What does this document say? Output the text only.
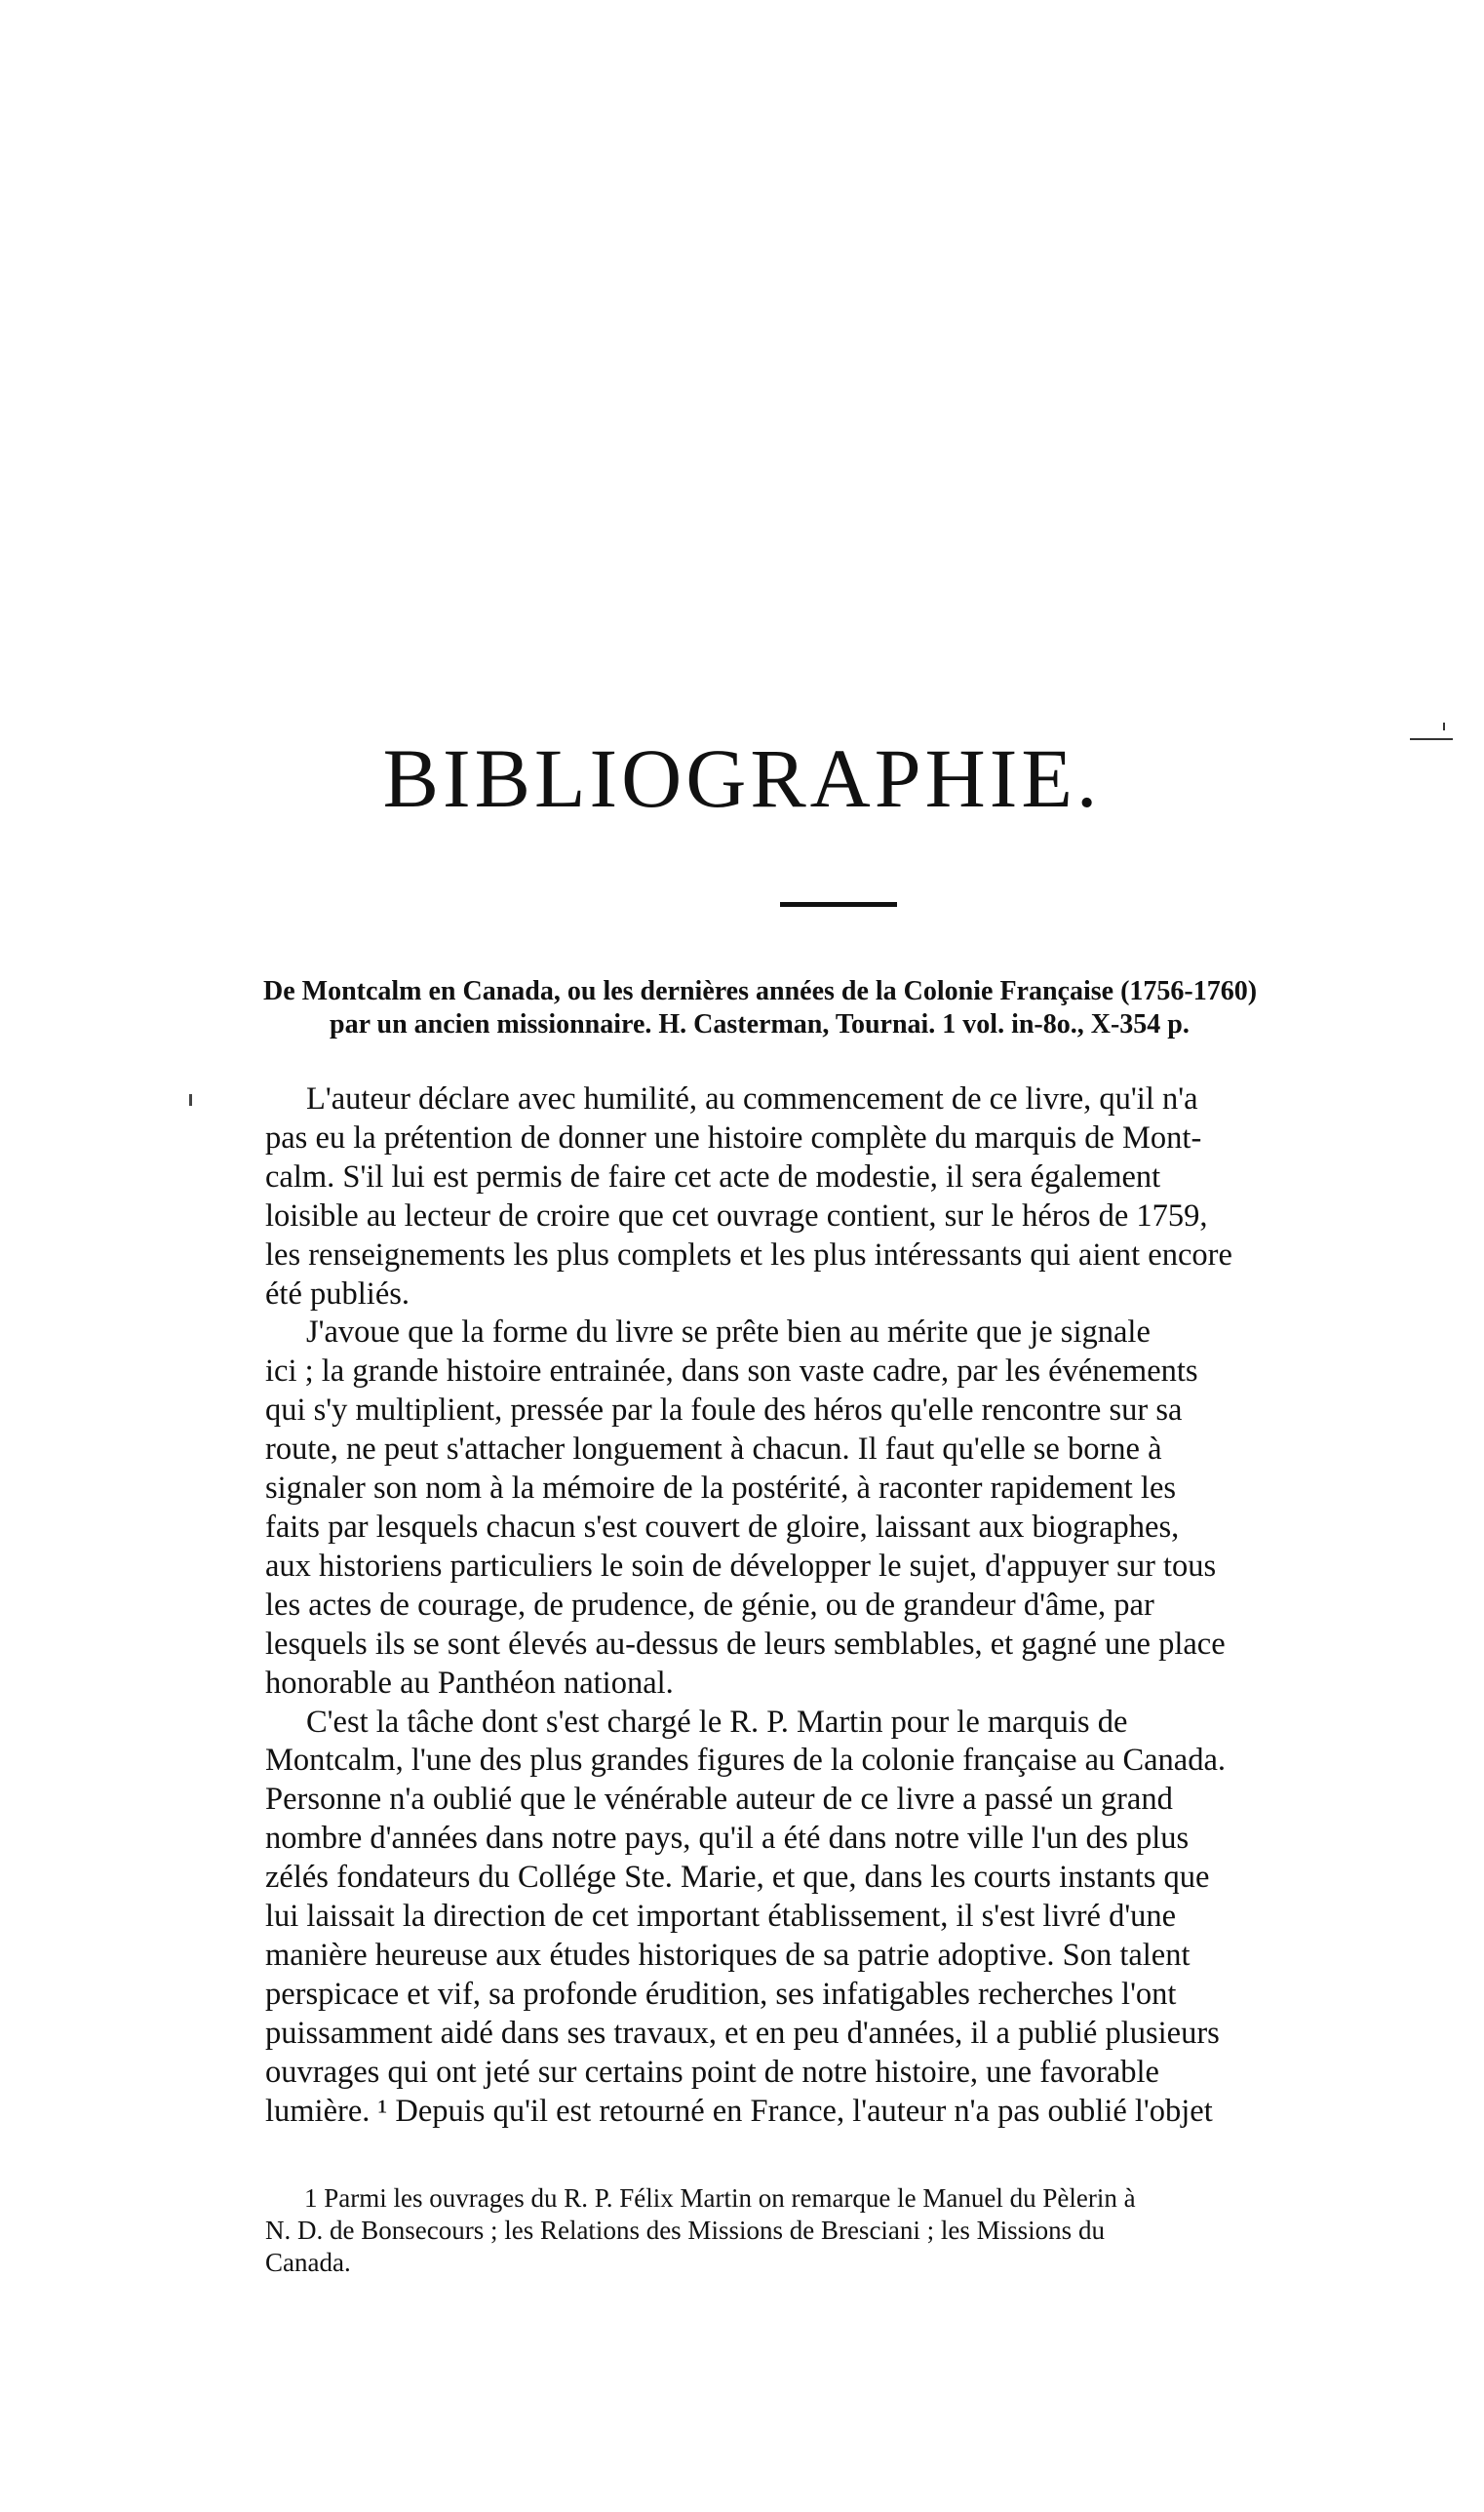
BIBLIOGRAPHIE.

De Montcalm en Canada, ou les dernières années de la Colonie Française (1756-1760)
par un ancien missionnaire. H. Casterman, Tournai. 1 vol. in-8o., X-354 p.

L'auteur déclare avec humilité, au commencement de ce livre, qu'il n'a
pas eu la prétention de donner une histoire complète du marquis de Mont-
calm. S'il lui est permis de faire cet acte de modestie, il sera également
loisible au lecteur de croire que cet ouvrage contient, sur le héros de 1759,
les renseignements les plus complets et les plus intéressants qui aient encore
été publiés.
J'avoue que la forme du livre se prête bien au mérite que je signale
ici ; la grande histoire entrainée, dans son vaste cadre, par les événements
qui s'y multiplient, pressée par la foule des héros qu'elle rencontre sur sa
route, ne peut s'attacher longuement à chacun. Il faut qu'elle se borne à
signaler son nom à la mémoire de la postérité, à raconter rapidement les
faits par lesquels chacun s'est couvert de gloire, laissant aux biographes,
aux historiens particuliers le soin de développer le sujet, d'appuyer sur tous
les actes de courage, de prudence, de génie, ou de grandeur d'âme, par
lesquels ils se sont élevés au-dessus de leurs semblables, et gagné une place
honorable au Panthéon national.
C'est la tâche dont s'est chargé le R. P. Martin pour le marquis de
Montcalm, l'une des plus grandes figures de la colonie française au Canada.
Personne n'a oublié que le vénérable auteur de ce livre a passé un grand
nombre d'années dans notre pays, qu'il a été dans notre ville l'un des plus
zélés fondateurs du Collége Ste. Marie, et que, dans les courts instants que
lui laissait la direction de cet important établissement, il s'est livré d'une
manière heureuse aux études historiques de sa patrie adoptive. Son talent
perspicace et vif, sa profonde érudition, ses infatigables recherches l'ont
puissamment aidé dans ses travaux, et en peu d'années, il a publié plusieurs
ouvrages qui ont jeté sur certains point de notre histoire, une favorable
lumière. ¹ Depuis qu'il est retourné en France, l'auteur n'a pas oublié l'objet
1 Parmi les ouvrages du R. P. Félix Martin on remarque le Manuel du Pèlerin à
N. D. de Bonsecours ; les Relations des Missions de Bresciani ; les Missions du
Canada.
